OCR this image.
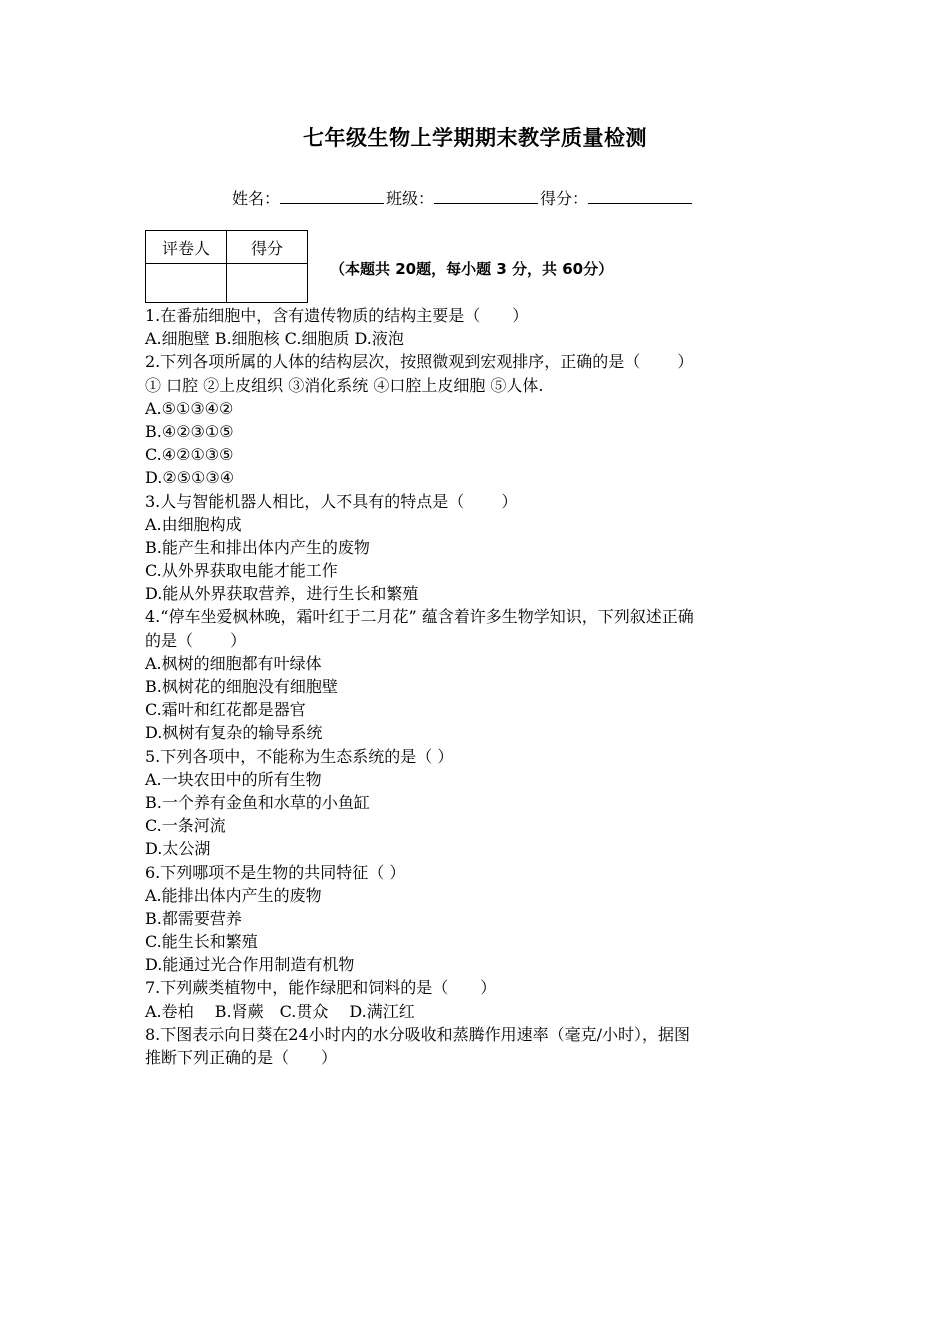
七年级生物上学期期末教学质量检测
姓名：	班级：	得分：
评卷人	得分

（本题共 20题，每小题 3 分，共 60分）
1.在番茄细胞中，含有遗传物质的结构主要是（　　）
A.细胞壁 B.细胞核 C.细胞质 D.液泡
2.下列各项所属的人体的结构层次，按照微观到宏观排序，正确的是（　　 ）
① 口腔 ②上皮组织 ③消化系统 ④口腔上皮细胞 ⑤人体.
A.⑤①③④②
B.④②③①⑤
C.④②①③⑤
D.②⑤①③④
3.人与智能机器人相比，人不具有的特点是（　　 ）
A.由细胞构成
B.能产生和排出体内产生的废物
C.从外界获取电能才能工作
D.能从外界获取营养，进行生长和繁殖
4.“停车坐爱枫林晚，霜叶红于二月花” 蕴含着许多生物学知识，下列叙述正确
的是（　　 ）
A.枫树的细胞都有叶绿体
B.枫树花的细胞没有细胞壁
C.霜叶和红花都是器官
D.枫树有复杂的输导系统
5.下列各项中，不能称为生态系统的是（ ）
A.一块农田中的所有生物
B.一个养有金鱼和水草的小鱼缸
C.一条河流
D.太公湖
6.下列哪项不是生物的共同特征（ ）
A.能排出体内产生的废物
B.都需要营养
C.能生长和繁殖
D.能通过光合作用制造有机物
7.下列蕨类植物中，能作绿肥和饲料的是（　　）
A.卷柏　 B.肾蕨　C.贯众　 D.满江红
8.下图表示向日葵在24小时内的水分吸收和蒸腾作用速率（毫克/小时），据图
推断下列正确的是（　　）
